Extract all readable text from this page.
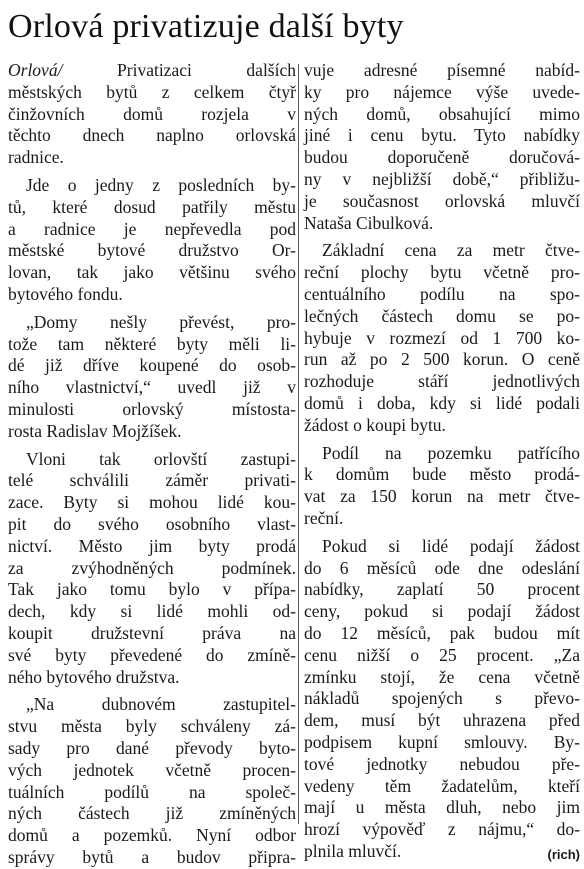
Orlová privatizuje další byty
Orlová/ Privatizaci dalších
městských bytů z celkem čtyř
činžovních domů rozjela v
těchto dnech naplno orlovská
radnice.
Jde o jedny z posledních by-
tů, které dosud patřily městu
a radnice je nepřevedla pod
městské bytové družstvo Or-
lovan, tak jako většinu svého
bytového fondu.
„Domy nešly převést, pro-
tože tam některé byty měli li-
dé již dříve koupené do osob-
ního vlastnictví,“ uvedl již v
minulosti orlovský místosta-
rosta Radislav Mojžíšek.
Vloni tak orlovští zastupi-
telé schválili záměr privati-
zace. Byty si mohou lidé kou-
pit do svého osobního vlast-
nictví. Město jim byty prodá
za zvýhodněných podmínek.
Tak jako tomu bylo v přípa-
dech, kdy si lidé mohli od-
koupit družstevní práva na
své byty převedené do zmíně-
ného bytového družstva.
„Na dubnovém zastupitel-
stvu města byly schváleny zá-
sady pro dané převody byto-
vých jednotek včetně procen-
tuálních podílů na společ-
ných částech již zmíněných
domů a pozemků. Nyní odbor
správy bytů a budov připra-
vuje adresné písemné nabíd-
ky pro nájemce výše uvede-
ných domů, obsahující mimo
jiné i cenu bytu. Tyto nabídky
budou doporučeně doručová-
ny v nejbližší době,“ přibližu-
je současnost orlovská mluvčí
Nataša Cibulková.
Základní cena za metr čtve-
reční plochy bytu včetně pro-
centuálního podílu na spo-
lečných částech domu se po-
hybuje v rozmezí od 1 700 ko-
run až po 2 500 korun. O ceně
rozhoduje stáří jednotlivých
domů i doba, kdy si lidé podali
žádost o koupi bytu.
Podíl na pozemku patřícího
k domům bude město prodá-
vat za 150 korun na metr čtve-
reční.
Pokud si lidé podají žádost
do 6 měsíců ode dne odeslání
nabídky, zaplatí 50 procent
ceny, pokud si podají žádost
do 12 měsíců, pak budou mít
cenu nižší o 25 procent. „Za
zmínku stojí, že cena včetně
nákladů spojených s převo-
dem, musí být uhrazena před
podpisem kupní smlouvy. By-
tové jednotky nebudou pře-
vedeny těm žadatelům, kteří
mají u města dluh, nebo jim
hrozí výpověď z nájmu,“ do-
plnila mluvčí.	(rich)
